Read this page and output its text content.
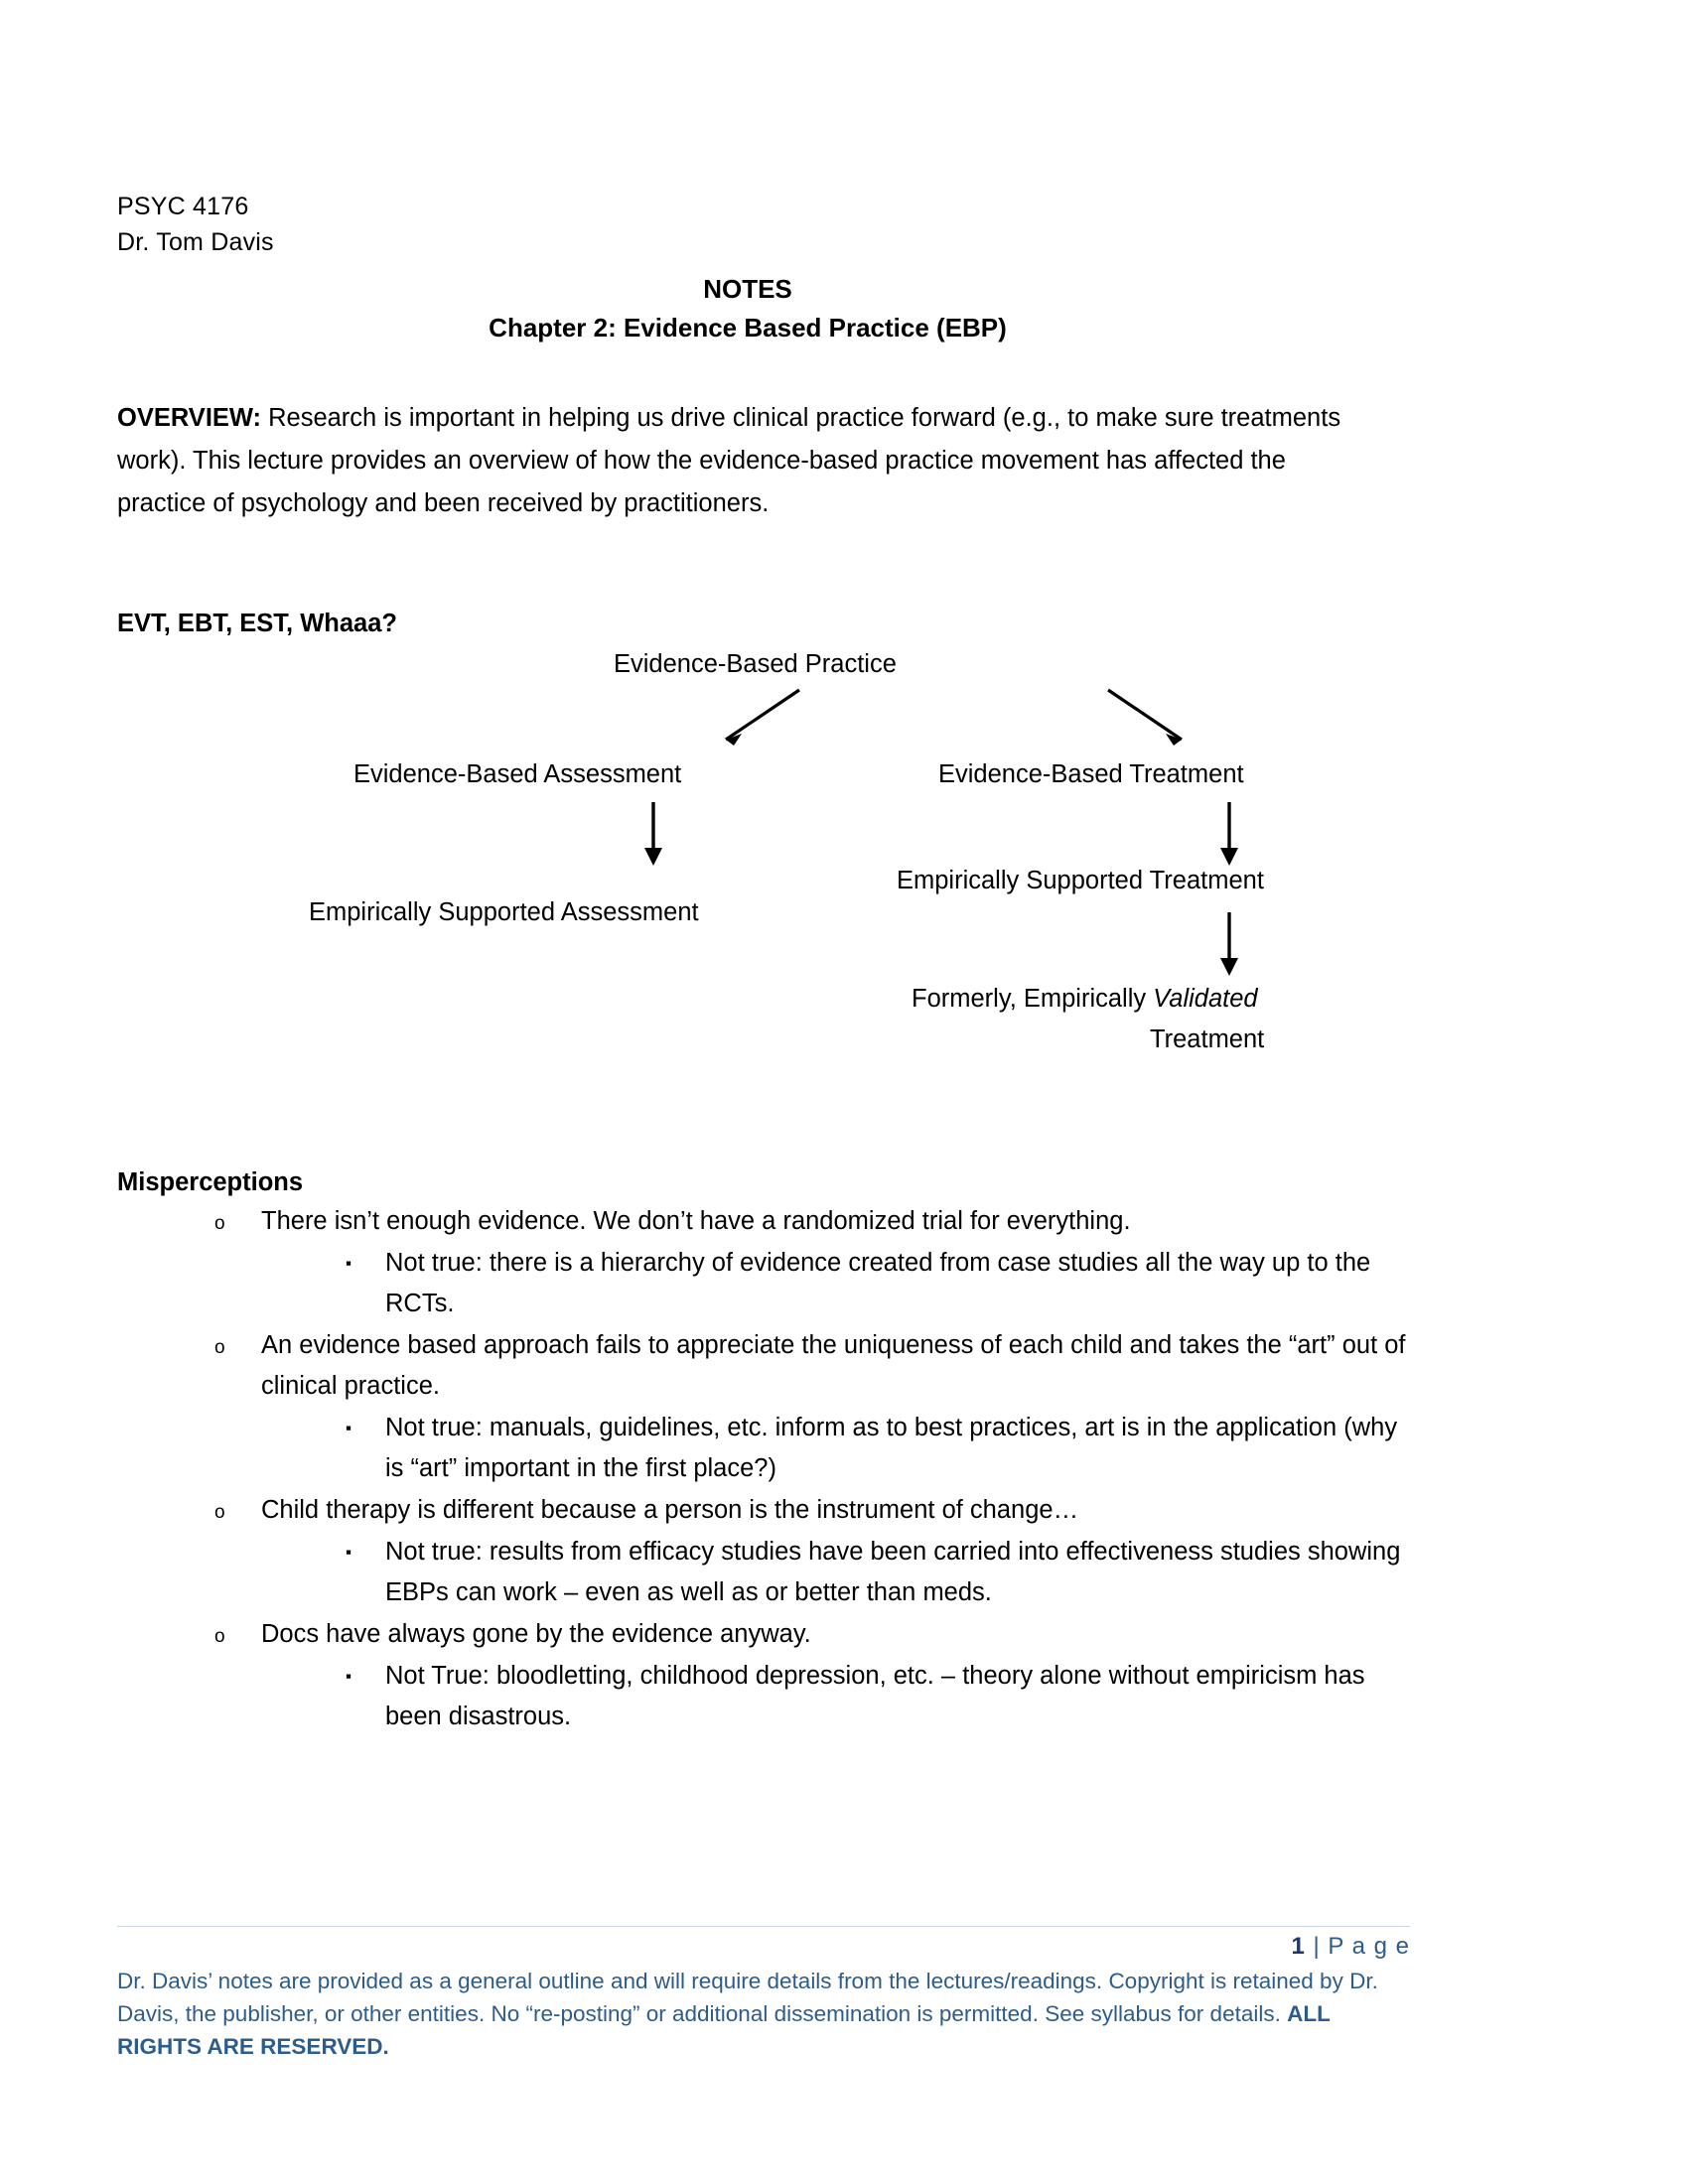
PSYC 4176
Dr. Tom Davis
NOTES
Chapter 2: Evidence Based Practice (EBP)
OVERVIEW: Research is important in helping us drive clinical practice forward (e.g., to make sure treatments work). This lecture provides an overview of how the evidence-based practice movement has affected the practice of psychology and been received by practitioners.
EVT, EBT, EST, Whaaa?
Evidence-Based Practice
Evidence-Based Assessment	Evidence-Based Treatment
Empirically Supported Treatment
Empirically Supported Assessment
Formerly, Empirically Validated
Treatment
Misperceptions
o There isn’t enough evidence. We don’t have a randomized trial for everything.
▪ Not true: there is a hierarchy of evidence created from case studies all the way up to the RCTs.
o An evidence based approach fails to appreciate the uniqueness of each child and takes the “art” out of clinical practice.
▪ Not true: manuals, guidelines, etc. inform as to best practices, art is in the application (why is “art” important in the first place?)
o Child therapy is different because a person is the instrument of change…
▪ Not true: results from efficacy studies have been carried into effectiveness studies showing EBPs can work – even as well as or better than meds.
o Docs have always gone by the evidence anyway.
▪ Not True: bloodletting, childhood depression, etc. – theory alone without empiricism has been disastrous.
1 | P a g e
Dr. Davis’ notes are provided as a general outline and will require details from the lectures/readings. Copyright is retained by Dr. Davis, the publisher, or other entities. No “re-posting” or additional dissemination is permitted. See syllabus for details. ALL RIGHTS ARE RESERVED.
